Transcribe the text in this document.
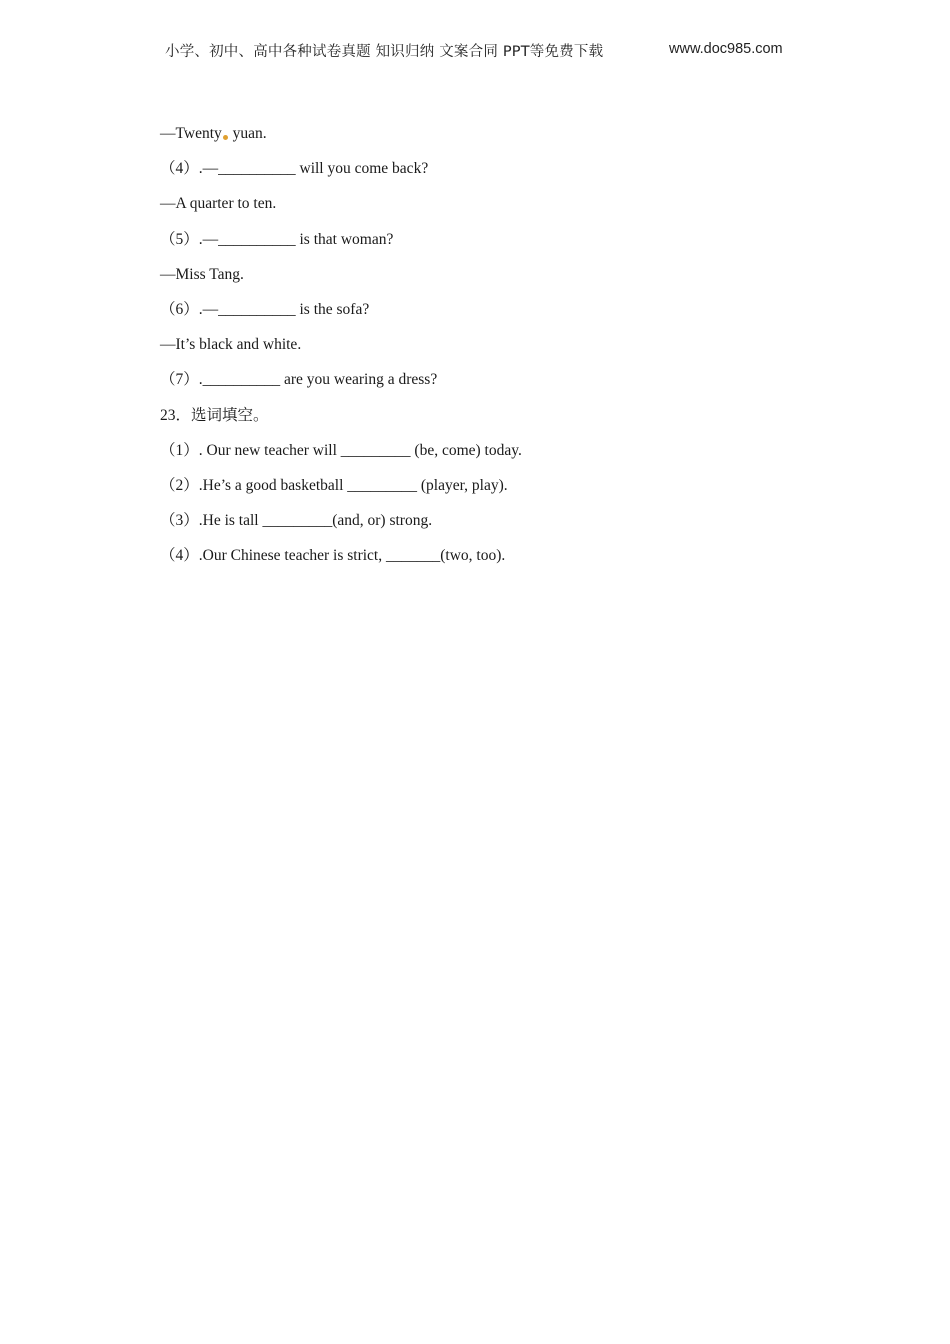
小学、初中、高中各种试卷真题 知识归纳 文案合同 PPT等免费下载	www.doc985.com
—Twenty yuan.
（4）.—__________ will you come back?
—A quarter to ten.
（5）.—__________ is that woman?
—Miss Tang.
（6）.—__________ is the sofa?
—It’s black and white.
（7）.__________ are you wearing a dress?
23．选词填空。
（1）. Our new teacher will _________ (be, come) today.
（2）.He’s a good basketball _________ (player, play).
（3）.He is tall _________(and, or) strong.
（4）.Our Chinese teacher is strict, _______(two, too).
